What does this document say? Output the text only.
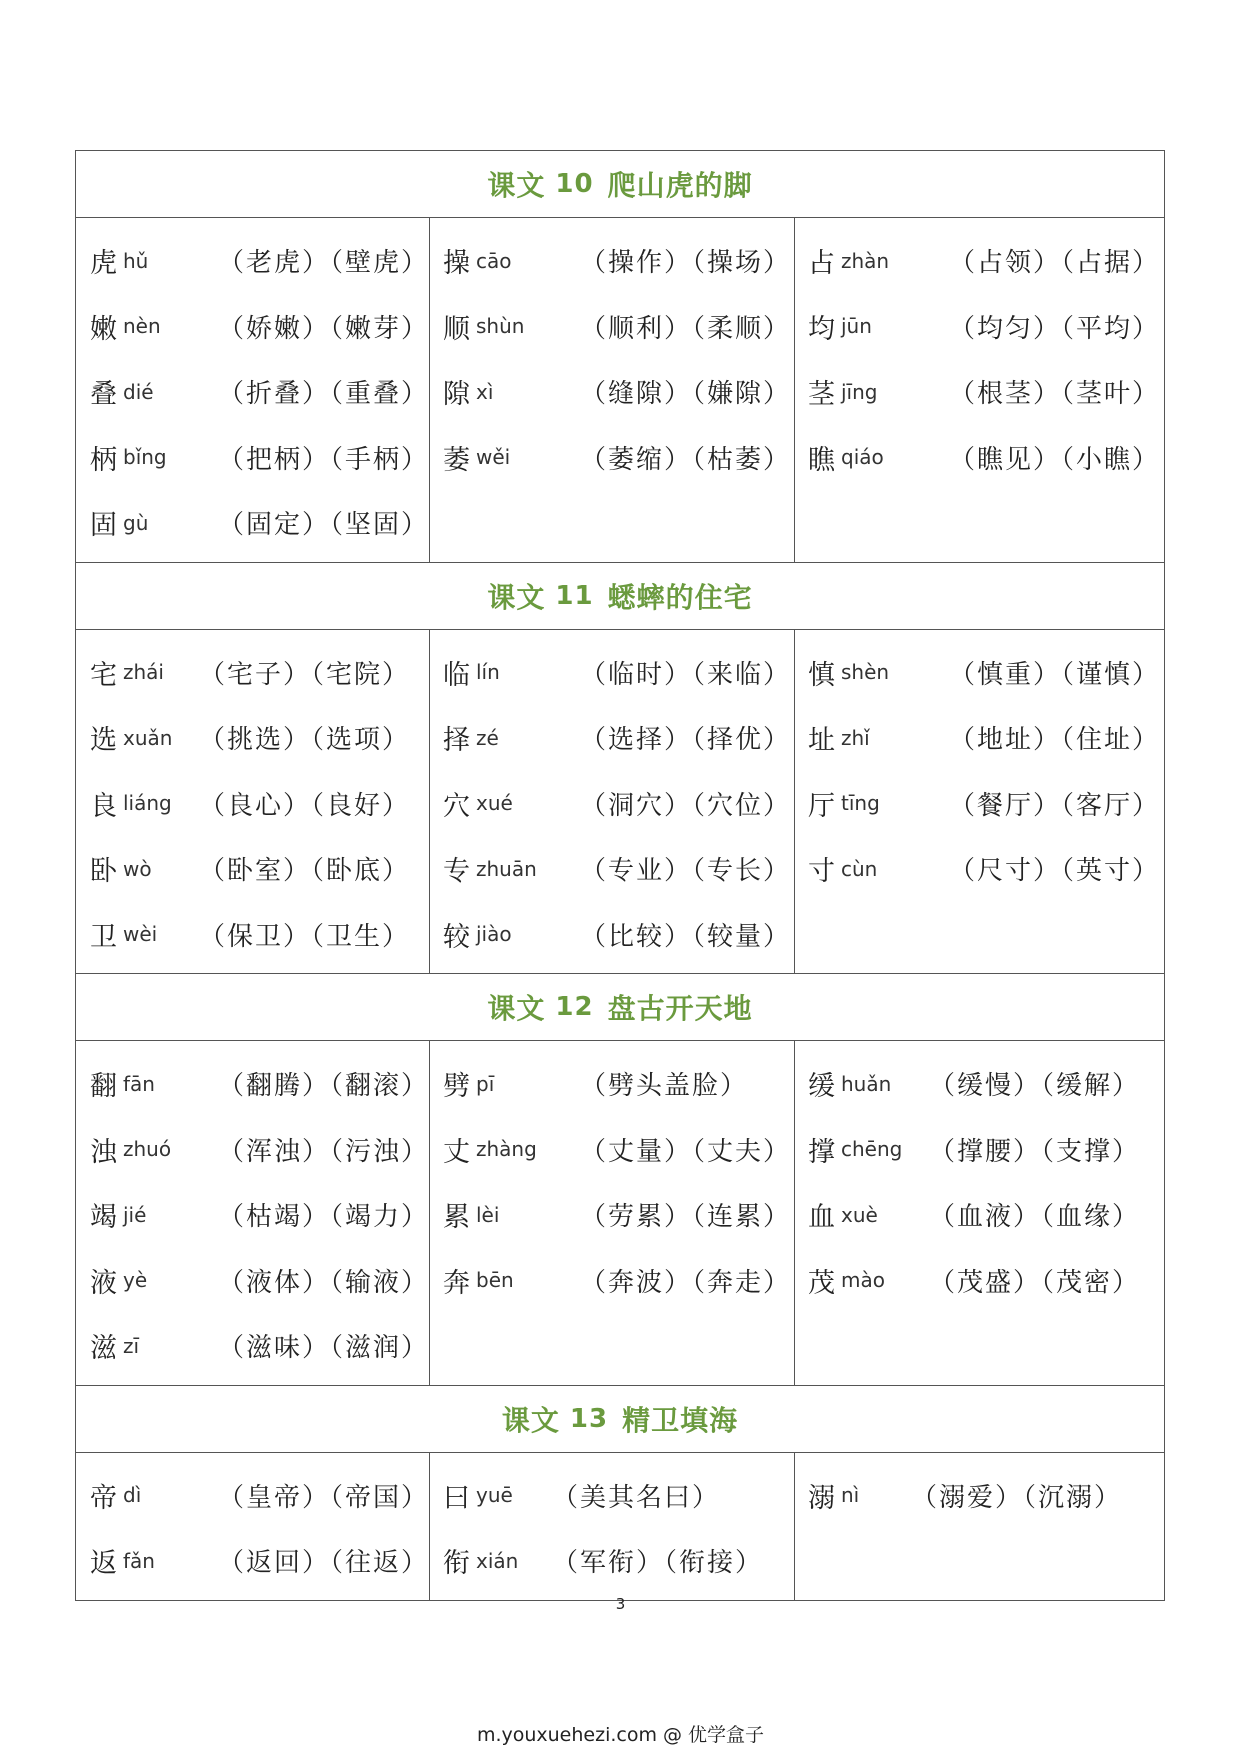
课文 10 爬山虎的脚
虎 hǔ	（老虎）（壁虎）
嫩 nèn	（娇嫩）（嫩芽）
叠 dié	（折叠）（重叠）
柄 bǐng	（把柄）（手柄）
固 gù	（固定）（坚固）
操 cāo	（操作）（操场）
顺 shùn	（顺利）（柔顺）
隙 xì	（缝隙）（嫌隙）
萎 wěi	（萎缩）（枯萎）
占 zhàn	（占领）（占据）
均 jūn	（均匀）（平均）
茎 jīng	（根茎）（茎叶）
瞧 qiáo	（瞧见）（小瞧）
课文 11 蟋蟀的住宅
宅 zhái	（宅子）（宅院）
选 xuǎn	（挑选）（选项）
良 liáng	（良心）（良好）
卧 wò	（卧室）（卧底）
卫 wèi	（保卫）（卫生）
临 lín	（临时）（来临）
择 zé	（选择）（择优）
穴 xué	（洞穴）（穴位）
专 zhuān	（专业）（专长）
较 jiào	（比较）（较量）
慎 shèn	（慎重）（谨慎）
址 zhǐ	（地址）（住址）
厅 tīng	（餐厅）（客厅）
寸 cùn	（尺寸）（英寸）
课文 12 盘古开天地
翻 fān	（翻腾）（翻滚）
浊 zhuó	（浑浊）（污浊）
竭 jié	（枯竭）（竭力）
液 yè	（液体）（输液）
滋 zī	（滋味）（滋润）
劈 pī	（劈头盖脸）
丈 zhàng	（丈量）（丈夫）
累 lèi	（劳累）（连累）
奔 bēn	（奔波）（奔走）
缓 huǎn	（缓慢）（缓解）
撑 chēng	（撑腰）（支撑）
血 xuè	（血液）（血缘）
茂 mào	（茂盛）（茂密）
课文 13 精卫填海
帝 dì	（皇帝）（帝国）
返 fǎn	（返回）（往返）
曰 yuē	（美其名曰）
衔 xián	（军衔）（衔接）
溺 nì	（溺爱）（沉溺）
3
m.youxuehezi.com @ 优学盒子
